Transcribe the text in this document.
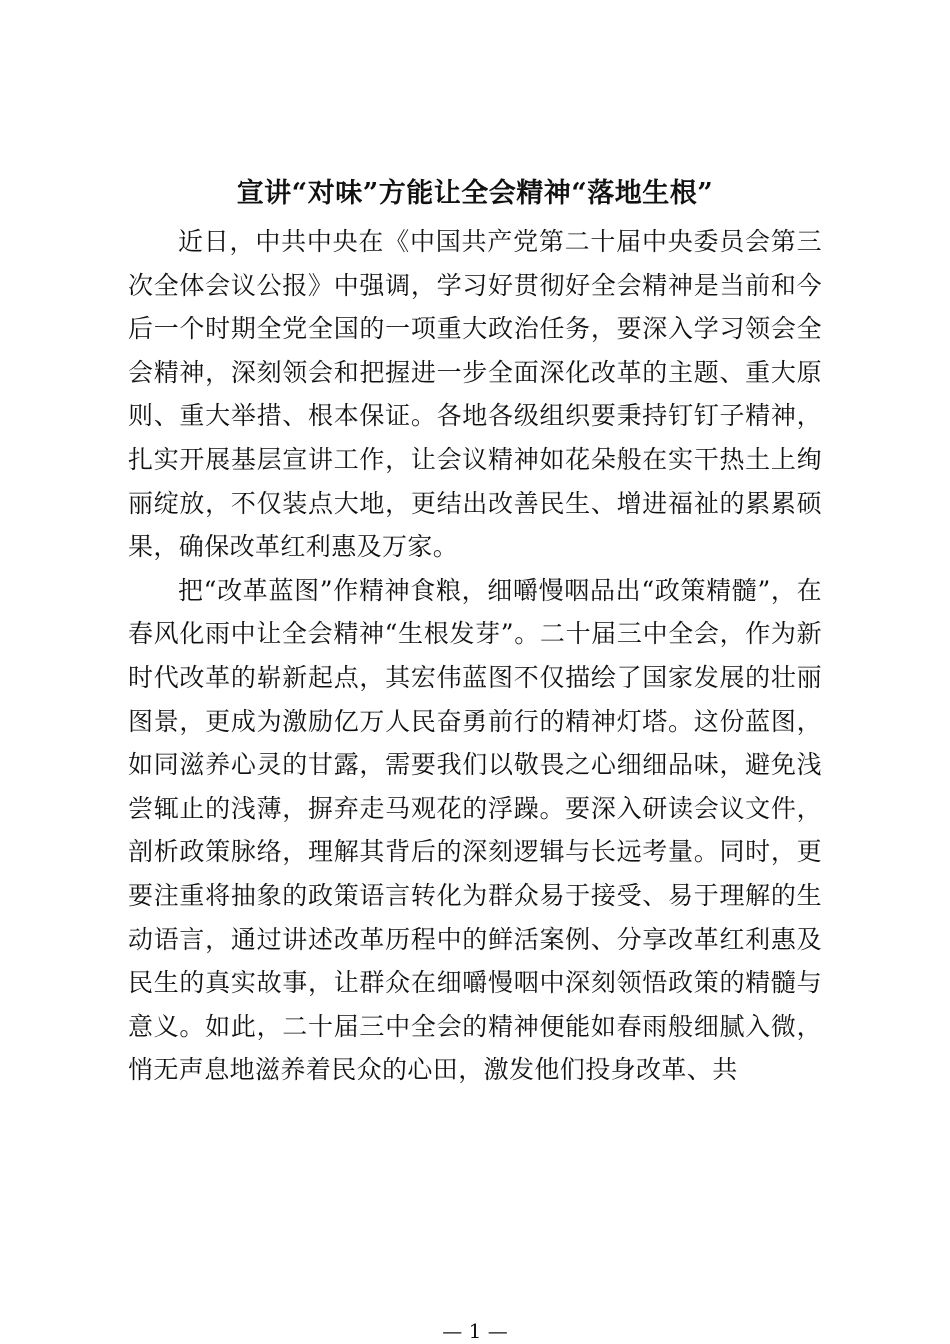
宣讲“对味”方能让全会精神“落地生根”

近日，中共中央在《中国共产党第二十届中央委员会第三次全体会议公报》中强调，学习好贯彻好全会精神是当前和今后一个时期全党全国的一项重大政治任务，要深入学习领会全会精神，深刻领会和把握进一步全面深化改革的主题、重大原则、重大举措、根本保证。各地各级组织要秉持钉钉子精神，扎实开展基层宣讲工作，让会议精神如花朵般在实干热土上绚丽绽放，不仅装点大地，更结出改善民生、增进福祉的累累硕果，确保改革红利惠及万家。

把“改革蓝图”作精神食粮，细嚼慢咽品出“政策精髓”，在春风化雨中让全会精神“生根发芽”。二十届三中全会，作为新时代改革的崭新起点，其宏伟蓝图不仅描绘了国家发展的壮丽图景，更成为激励亿万人民奋勇前行的精神灯塔。这份蓝图，如同滋养心灵的甘露，需要我们以敬畏之心细细品味，避免浅尝辄止的浅薄，摒弃走马观花的浮躁。要深入研读会议文件，剖析政策脉络，理解其背后的深刻逻辑与长远考量。同时，更要注重将抽象的政策语言转化为群众易于接受、易于理解的生动语言，通过讲述改革历程中的鲜活案例、分享改革红利惠及民生的真实故事，让群众在细嚼慢咽中深刻领悟政策的精髓与意义。如此，二十届三中全会的精神便能如春雨般细腻入微，悄无声息地滋养着民众的心田，激发他们投身改革、共

— 1 —
